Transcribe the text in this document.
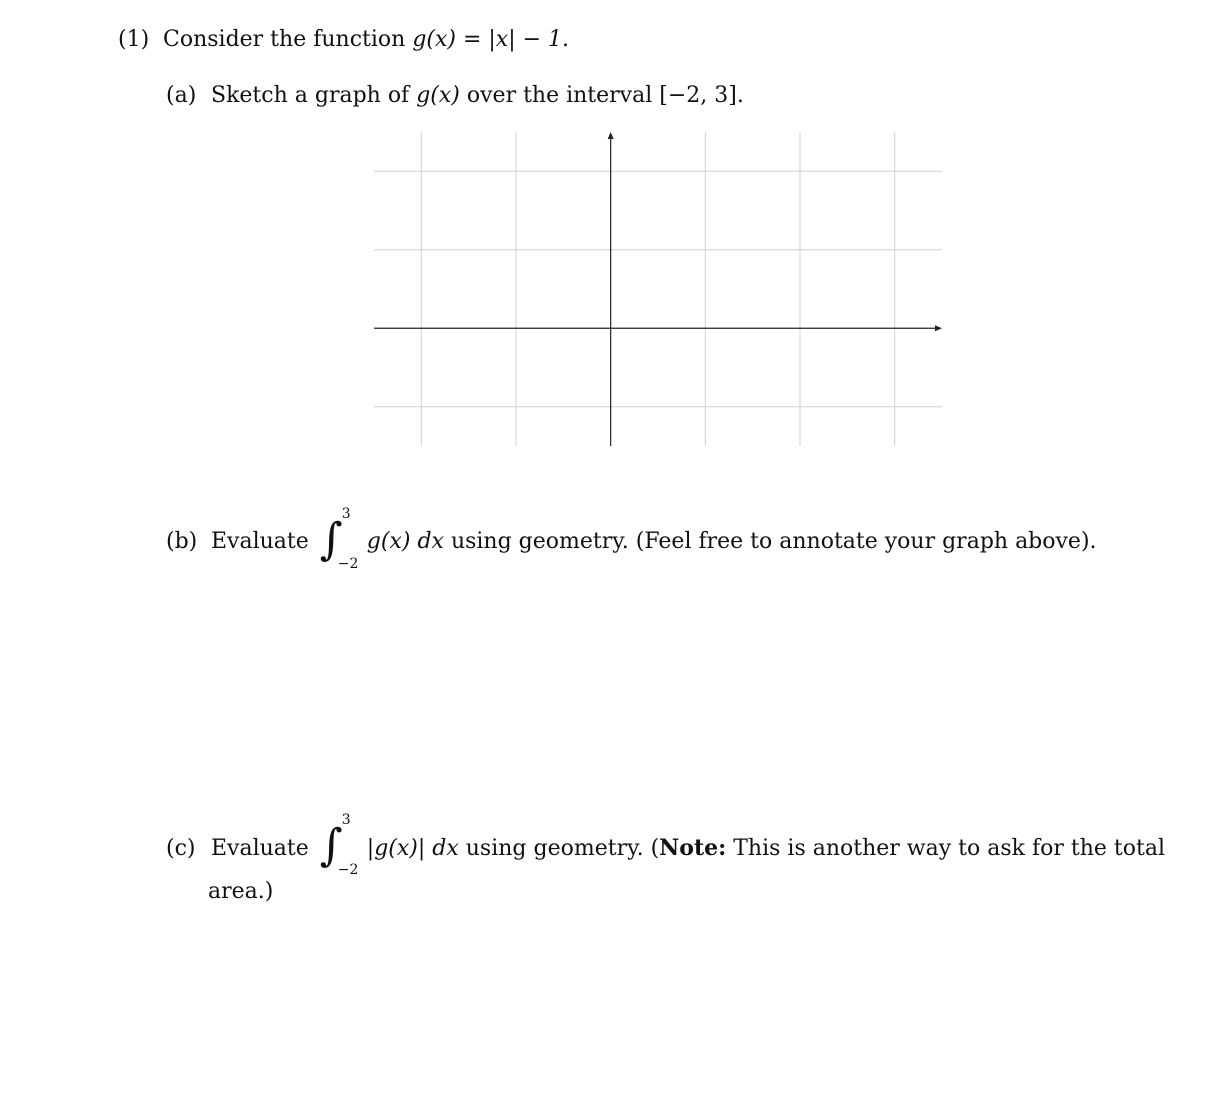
(1) Consider the function g(x) = |x| − 1.
(a) Sketch a graph of g(x) over the interval [−2, 3].
(b) Evaluate ∫ 3
−2
g(x) dx using geometry. (Feel free to annotate your graph above).
(c) Evaluate ∫ 3
−2
|g(x)| dx using geometry. (Note: This is another way to ask for the total
area.)
